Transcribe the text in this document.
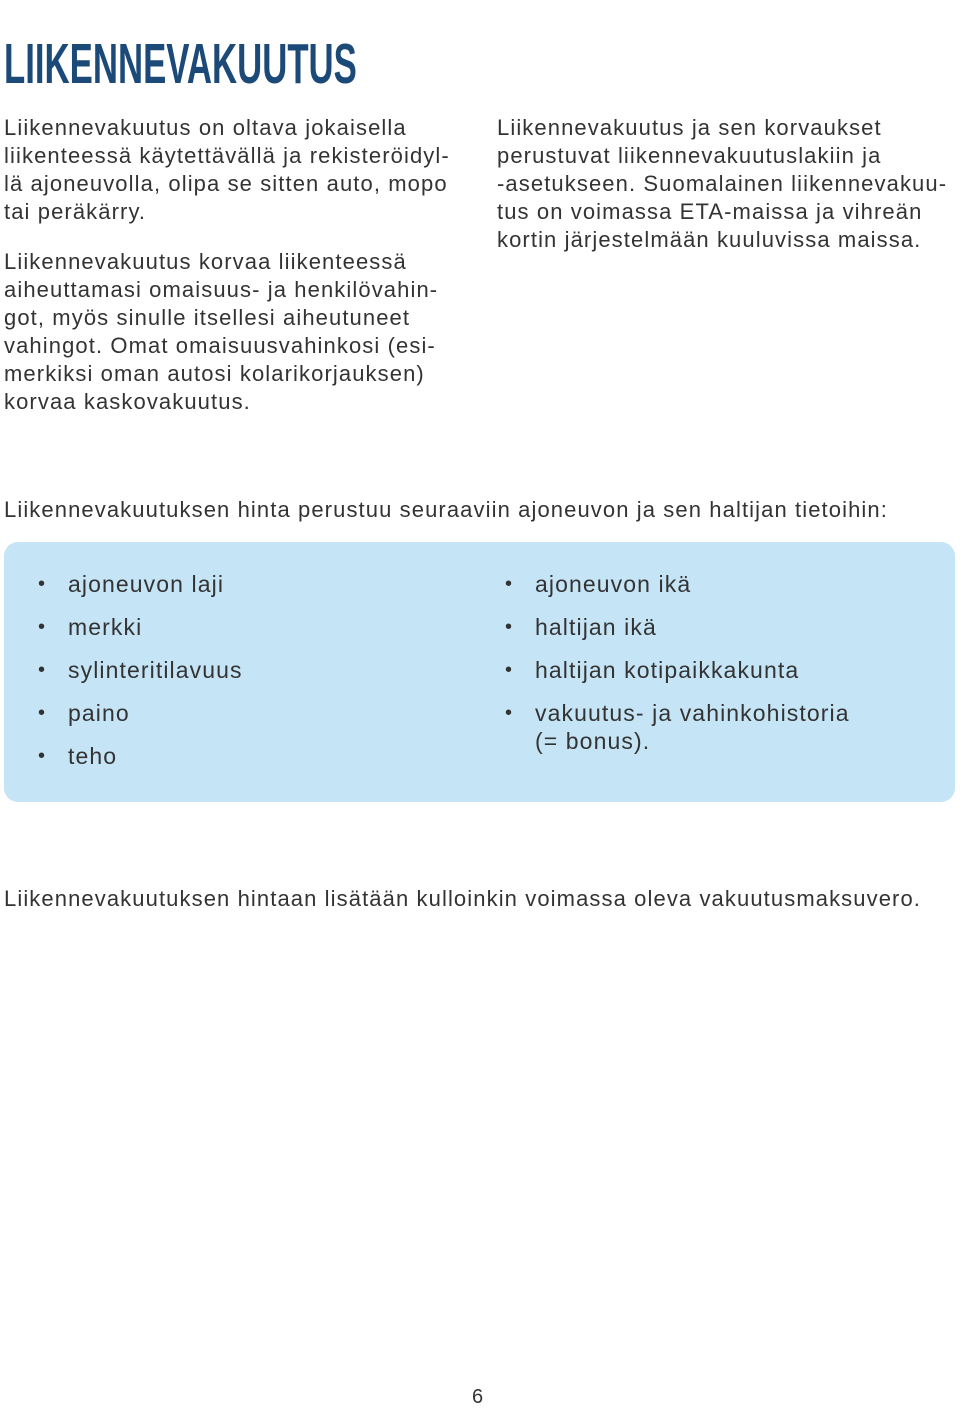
LIIKENNEVAKUUTUS

Liikennevakuutus on oltava jokaisella
liikenteessä käytettävällä ja rekisteröidyl-
lä ajoneuvolla, olipa se sitten auto, mopo
tai peräkärry.

Liikennevakuutus korvaa liikenteessä
aiheuttamasi omaisuus- ja henkilövahin-
got, myös sinulle itsellesi aiheutuneet
vahingot. Omat omaisuusvahinkosi (esi-
merkiksi oman autosi kolarikorjauksen)
korvaa kaskovakuutus.

Liikennevakuutus ja sen korvaukset
perustuvat liikennevakuutuslakiin ja
-asetukseen. Suomalainen liikennevakuu-
tus on voimassa ETA-maissa ja vihreän
kortin järjestelmään kuuluvissa maissa.

Liikennevakuutuksen hinta perustuu seuraaviin ajoneuvon ja sen haltijan tietoihin:

• ajoneuvon laji
• merkki
• sylinteritilavuus
• paino
• teho
• ajoneuvon ikä
• haltijan ikä
• haltijan kotipaikkakunta
• vakuutus- ja vahinkohistoria
(= bonus).

Liikennevakuutuksen hintaan lisätään kulloinkin voimassa oleva vakuutusmaksuvero.

6
